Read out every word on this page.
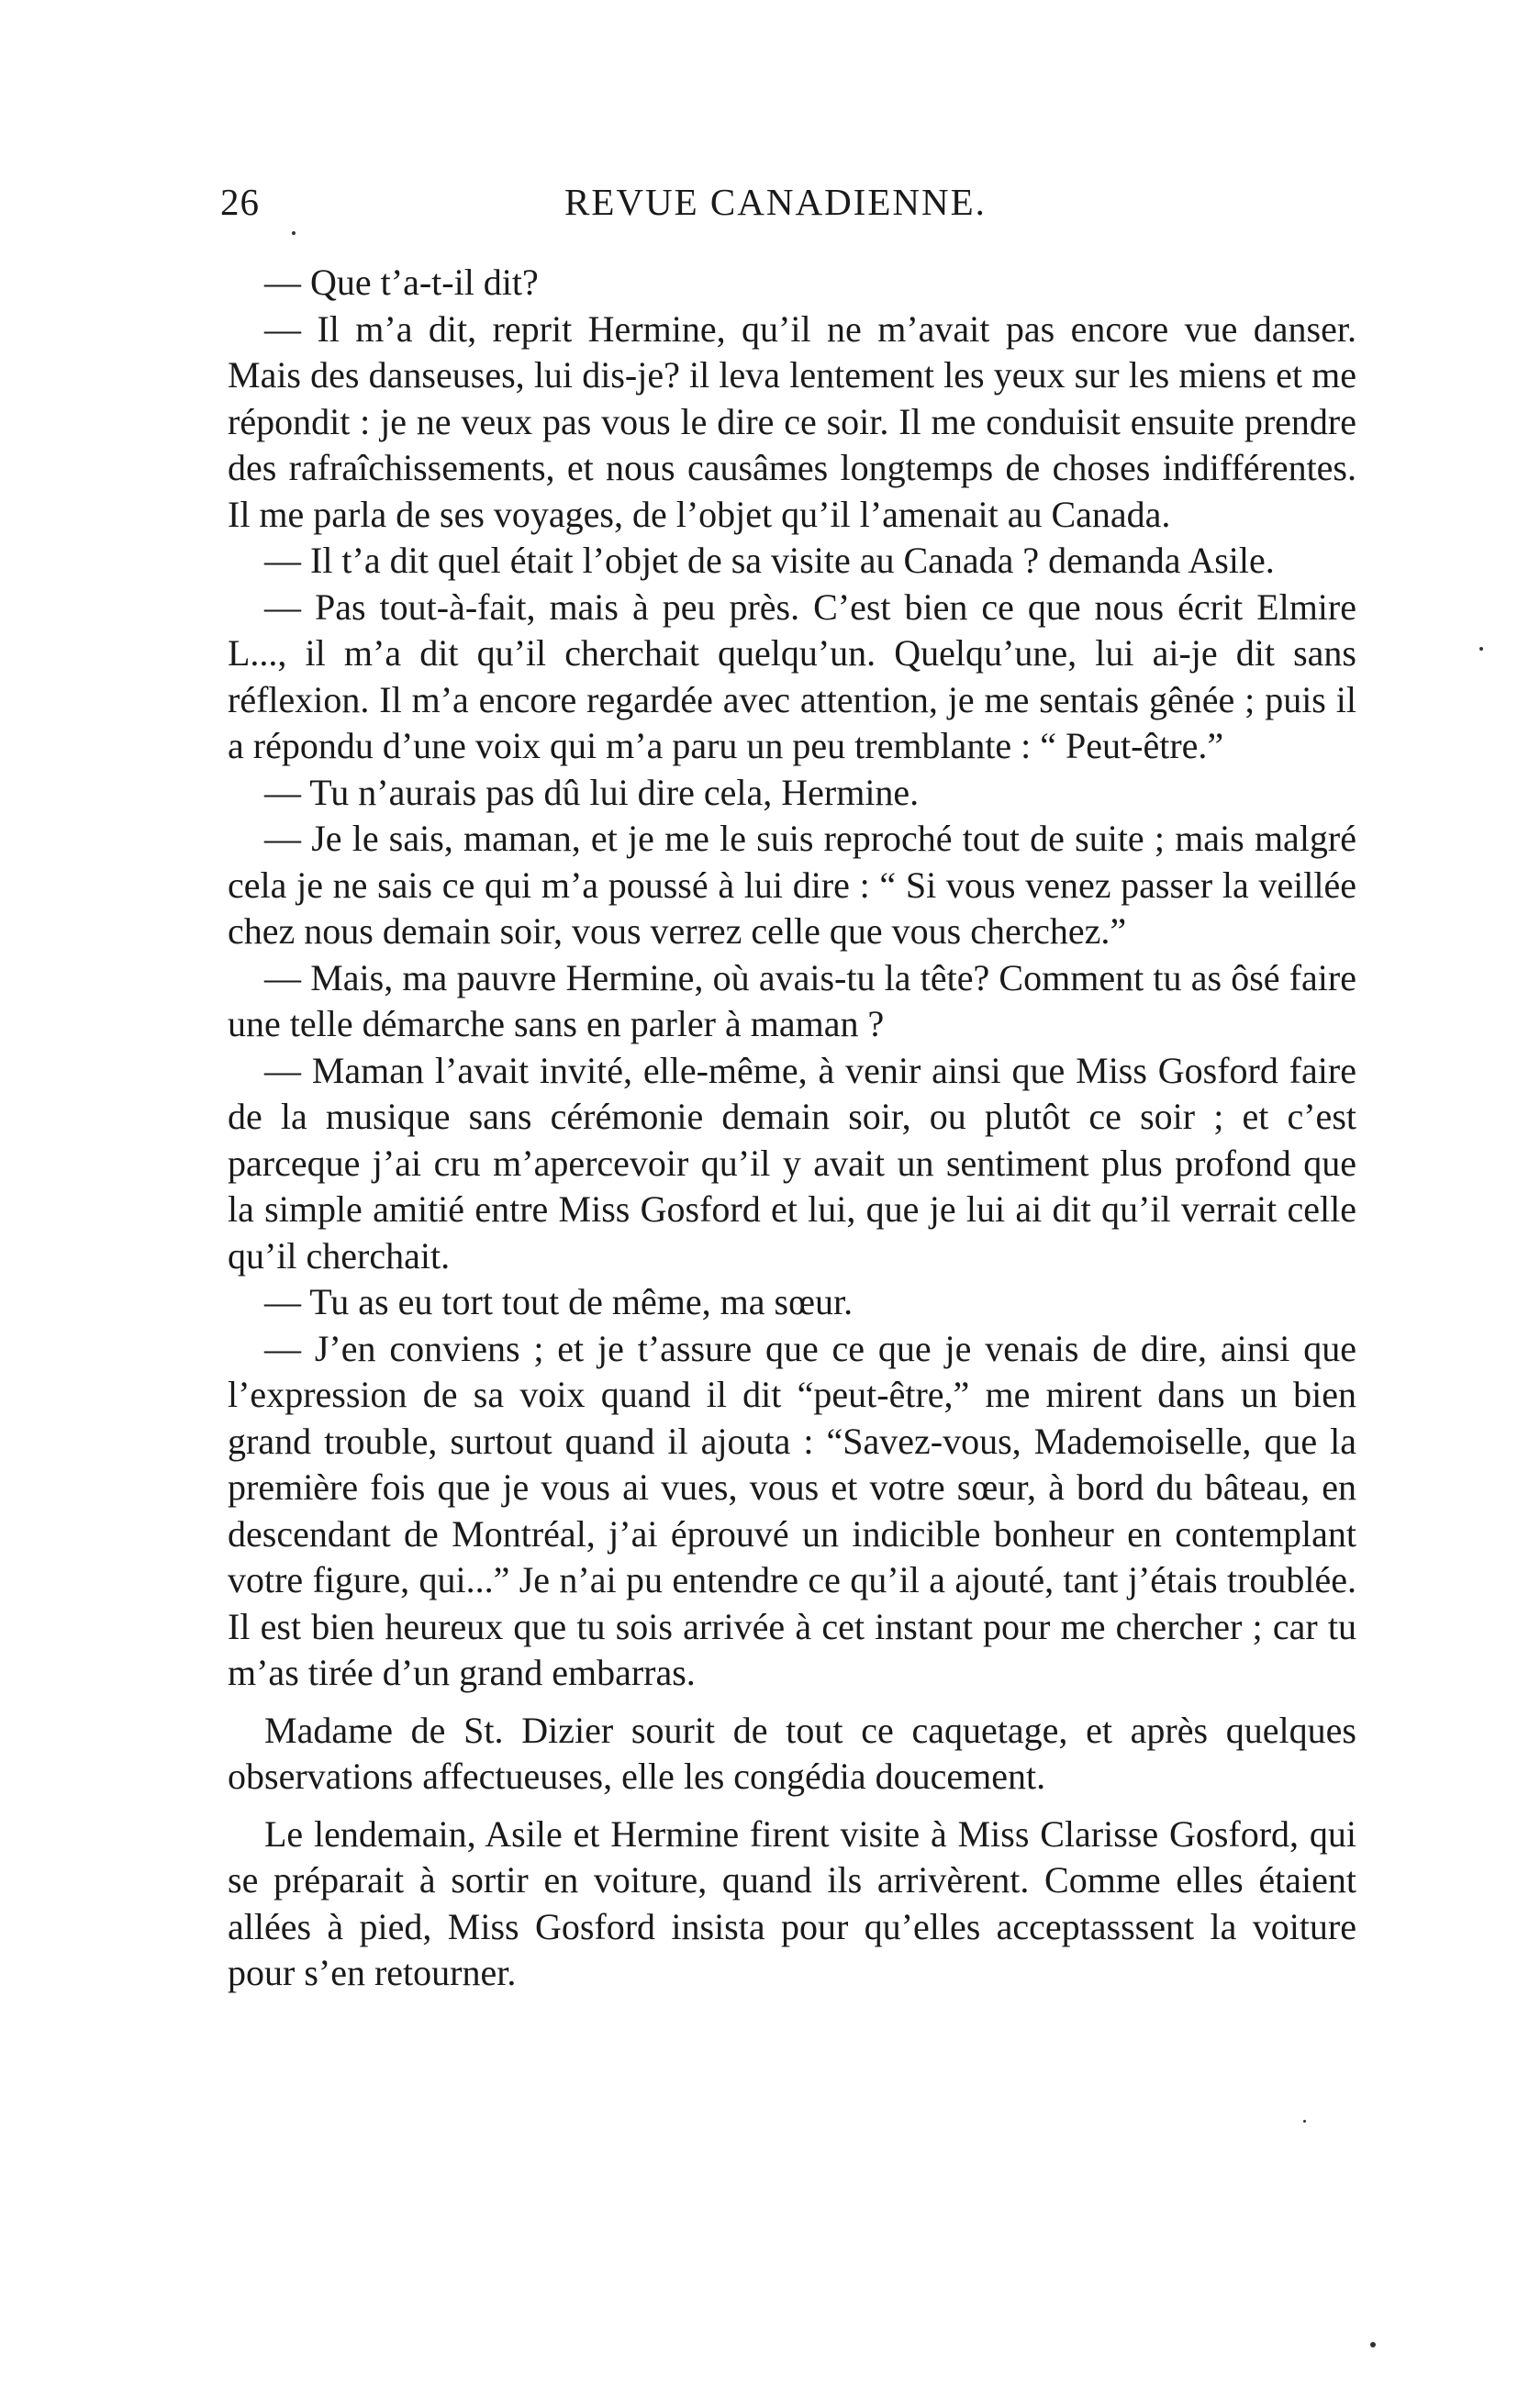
26	REVUE CANADIENNE.

— Que t’a-t-il dit?

— Il m’a dit, reprit Hermine, qu’il ne m’avait pas encore vue danser. Mais des danseuses, lui dis-je? il leva lentement les yeux sur les miens et me répondit : je ne veux pas vous le dire ce soir. Il me conduisit ensuite prendre des rafraîchissements, et nous causâmes longtemps de choses indifférentes. Il me parla de ses voyages, de l’objet qu’il l’amenait au Canada.

— Il t’a dit quel était l’objet de sa visite au Canada ? demanda Asile.

— Pas tout-à-fait, mais à peu près. C’est bien ce que nous écrit Elmire L..., il m’a dit qu’il cherchait quelqu’un. Quelqu’une, lui ai-je dit sans réflexion. Il m’a encore regardée avec attention, je me sentais gênée ; puis il a répondu d’une voix qui m’a paru un peu tremblante : “ Peut-être.”

— Tu n’aurais pas dû lui dire cela, Hermine.

— Je le sais, maman, et je me le suis reproché tout de suite ; mais malgré cela je ne sais ce qui m’a poussé à lui dire : “ Si vous venez passer la veillée chez nous demain soir, vous verrez celle que vous cherchez.”

— Mais, ma pauvre Hermine, où avais-tu la tête? Comment tu as ôsé faire une telle démarche sans en parler à maman ?

— Maman l’avait invité, elle-même, à venir ainsi que Miss Gosford faire de la musique sans cérémonie demain soir, ou plutôt ce soir ; et c’est parceque j’ai cru m’apercevoir qu’il y avait un sentiment plus profond que la simple amitié entre Miss Gosford et lui, que je lui ai dit qu’il verrait celle qu’il cherchait.

— Tu as eu tort tout de même, ma sœur.

— J’en conviens ; et je t’assure que ce que je venais de dire, ainsi que l’expression de sa voix quand il dit “peut-être,” me mirent dans un bien grand trouble, surtout quand il ajouta : “Savez-vous, Mademoiselle, que la première fois que je vous ai vues, vous et votre sœur, à bord du bâteau, en descendant de Montréal, j’ai éprouvé un indicible bonheur en contemplant votre figure, qui...” Je n’ai pu entendre ce qu’il a ajouté, tant j’étais troublée. Il est bien heureux que tu sois arrivée à cet instant pour me chercher ; car tu m’as tirée d’un grand embarras.

Madame de St. Dizier sourit de tout ce caquetage, et après quelques observations affectueuses, elle les congédia doucement.

Le lendemain, Asile et Hermine firent visite à Miss Clarisse Gosford, qui se préparait à sortir en voiture, quand ils arrivèrent. Comme elles étaient allées à pied, Miss Gosford insista pour qu’elles acceptasssent la voiture pour s’en retourner.
